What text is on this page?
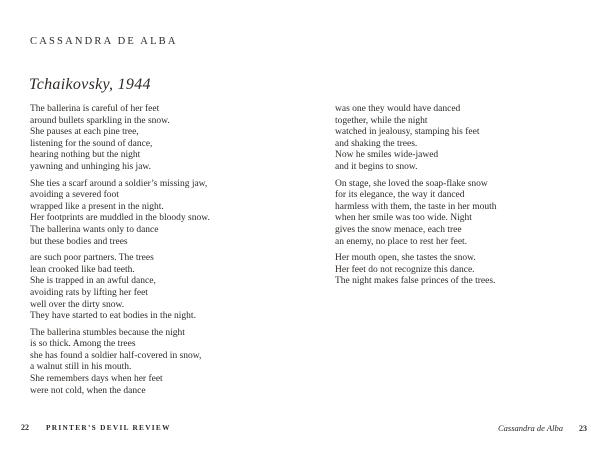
CASSANDRA DE ALBA
Tchaikovsky, 1944
The ballerina is careful of her feet
around bullets sparkling in the snow.
She pauses at each pine tree,
listening for the sound of dance,
hearing nothing but the night
yawning and unhinging his jaw.
She ties a scarf around a soldier’s missing jaw,
avoiding a severed foot
wrapped like a present in the night.
Her footprints are muddled in the bloody snow.
The ballerina wants only to dance
but these bodies and trees
are such poor partners. The trees
lean crooked like bad teeth.
She is trapped in an awful dance,
avoiding rats by lifting her feet
well over the dirty snow.
They have started to eat bodies in the night.
The ballerina stumbles because the night
is so thick. Among the trees
she has found a soldier half-covered in snow,
a walnut still in his mouth.
She remembers days when her feet
were not cold, when the dance
was one they would have danced
together, while the night
watched in jealousy, stamping his feet
and shaking the trees.
Now he smiles wide-jawed
and it begins to snow.
On stage, she loved the soap-flake snow
for its elegance, the way it danced
harmless with them, the taste in her mouth
when her smile was too wide. Night
gives the snow menace, each tree
an enemy, no place to rest her feet.
Her mouth open, she tastes the snow.
Her feet do not recognize this dance.
The night makes false princes of the trees.
22 PRINTER’S DEVIL REVIEW	Cassandra de Alba 23
